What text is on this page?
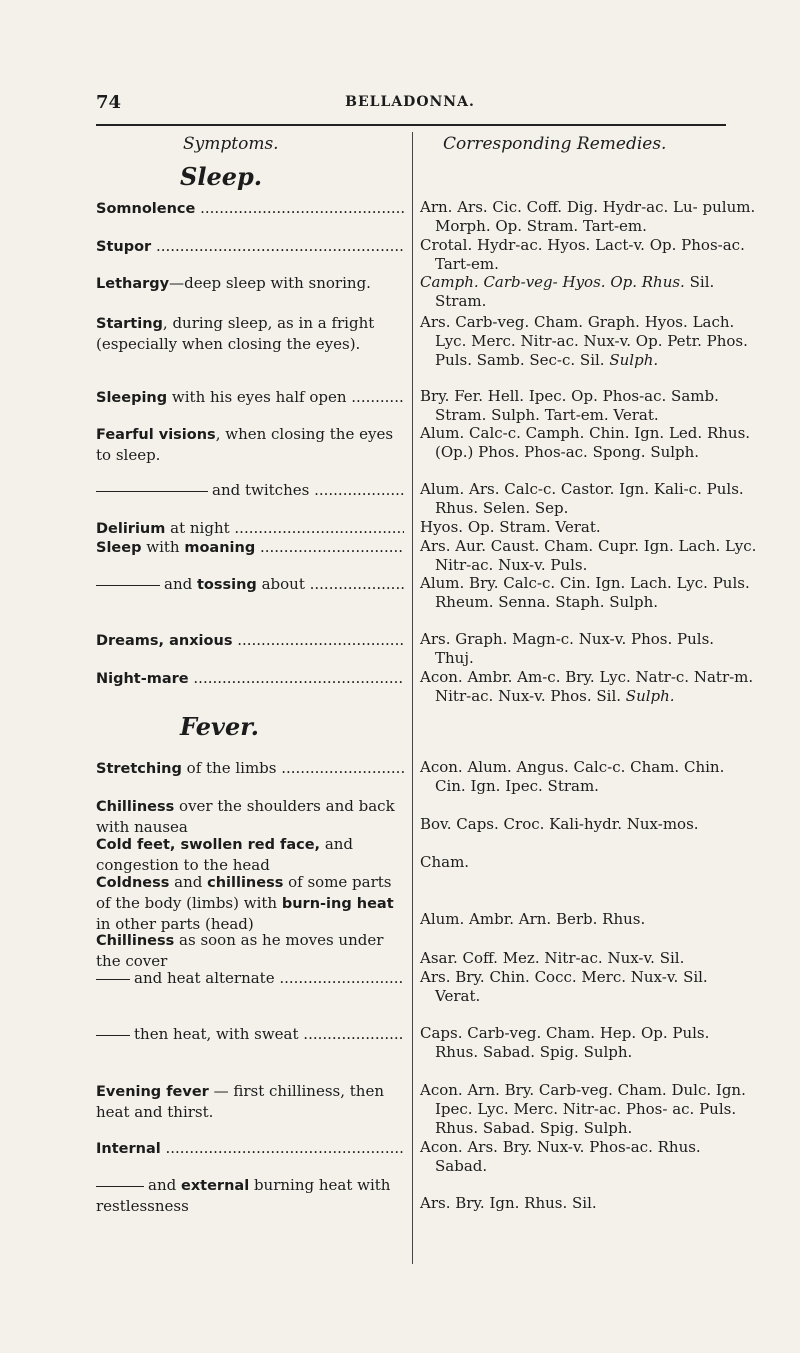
74	BELLADONNA.
Symptoms.	Corresponding Remedies.
Sleep.
Fever.
Somnolence .....
Stupor .....
Lethargy—deep sleep with snoring.
Starting, during sleep, as in a fright (especially when closing the eyes).
Sleeping with his eyes half open .....
Fearful visions, when closing the eyes to sleep.
and twitches .....
Delirium at night .....
Sleep with moaning .....
and tossing about .....
Dreams, anxious .....
Night-mare .....
Stretching of the limbs .....
Chilliness over the shoulders and back with nausea
Cold feet, swollen red face, and congestion to the head
Coldness and chilliness of some parts of the body (limbs) with burn-ing heat in other parts (head)
Chilliness as soon as he moves under the cover
and heat alternate .....
then heat, with sweat .....
Evening fever — first chilliness, then heat and thirst.
Internal .....
and external burning heat with restlessness
Arn. Ars. Cic. Coff. Dig. Hydr-ac. Lu- pulum. Morph. Op. Stram. Tart-em.
Crotal. Hydr-ac. Hyos. Lact-v. Op. Phos-ac. Tart-em.
Camph. Carb-veg- Hyos. Op. Rhus. Sil. Stram.
Ars. Carb-veg. Cham. Graph. Hyos. Lach. Lyc. Merc. Nitr-ac. Nux-v. Op. Petr. Phos. Puls. Samb. Sec-c. Sil. Sulph.
Bry. Fer. Hell. Ipec. Op. Phos-ac. Samb. Stram. Sulph. Tart-em. Verat.
Alum. Calc-c. Camph. Chin. Ign. Led. Rhus. (Op.) Phos. Phos-ac. Spong. Sulph.
Alum. Ars. Calc-c. Castor. Ign. Kali-c. Puls. Rhus. Selen. Sep.
Hyos. Op. Stram. Verat.
Ars. Aur. Caust. Cham. Cupr. Ign. Lach. Lyc. Nitr-ac. Nux-v. Puls.
Alum. Bry. Calc-c. Cin. Ign. Lach. Lyc. Puls. Rheum. Senna. Staph. Sulph.
Ars. Graph. Magn-c. Nux-v. Phos. Puls. Thuj.
Acon. Ambr. Am-c. Bry. Lyc. Natr-c. Natr-m. Nitr-ac. Nux-v. Phos. Sil. Sulph.
Acon. Alum. Angus. Calc-c. Cham. Chin. Cin. Ign. Ipec. Stram.
Bov. Caps. Croc. Kali-hydr. Nux-mos.
Cham.
Alum. Ambr. Arn. Berb. Rhus.
Asar. Coff. Mez. Nitr-ac. Nux-v. Sil.
Ars. Bry. Chin. Cocc. Merc. Nux-v. Sil. Verat.
Caps. Carb-veg. Cham. Hep. Op. Puls. Rhus. Sabad. Spig. Sulph.
Acon. Arn. Bry. Carb-veg. Cham. Dulc. Ign. Ipec. Lyc. Merc. Nitr-ac. Phos- ac. Puls. Rhus. Sabad. Spig. Sulph.
Acon. Ars. Bry. Nux-v. Phos-ac. Rhus. Sabad.
Ars. Bry. Ign. Rhus. Sil.
